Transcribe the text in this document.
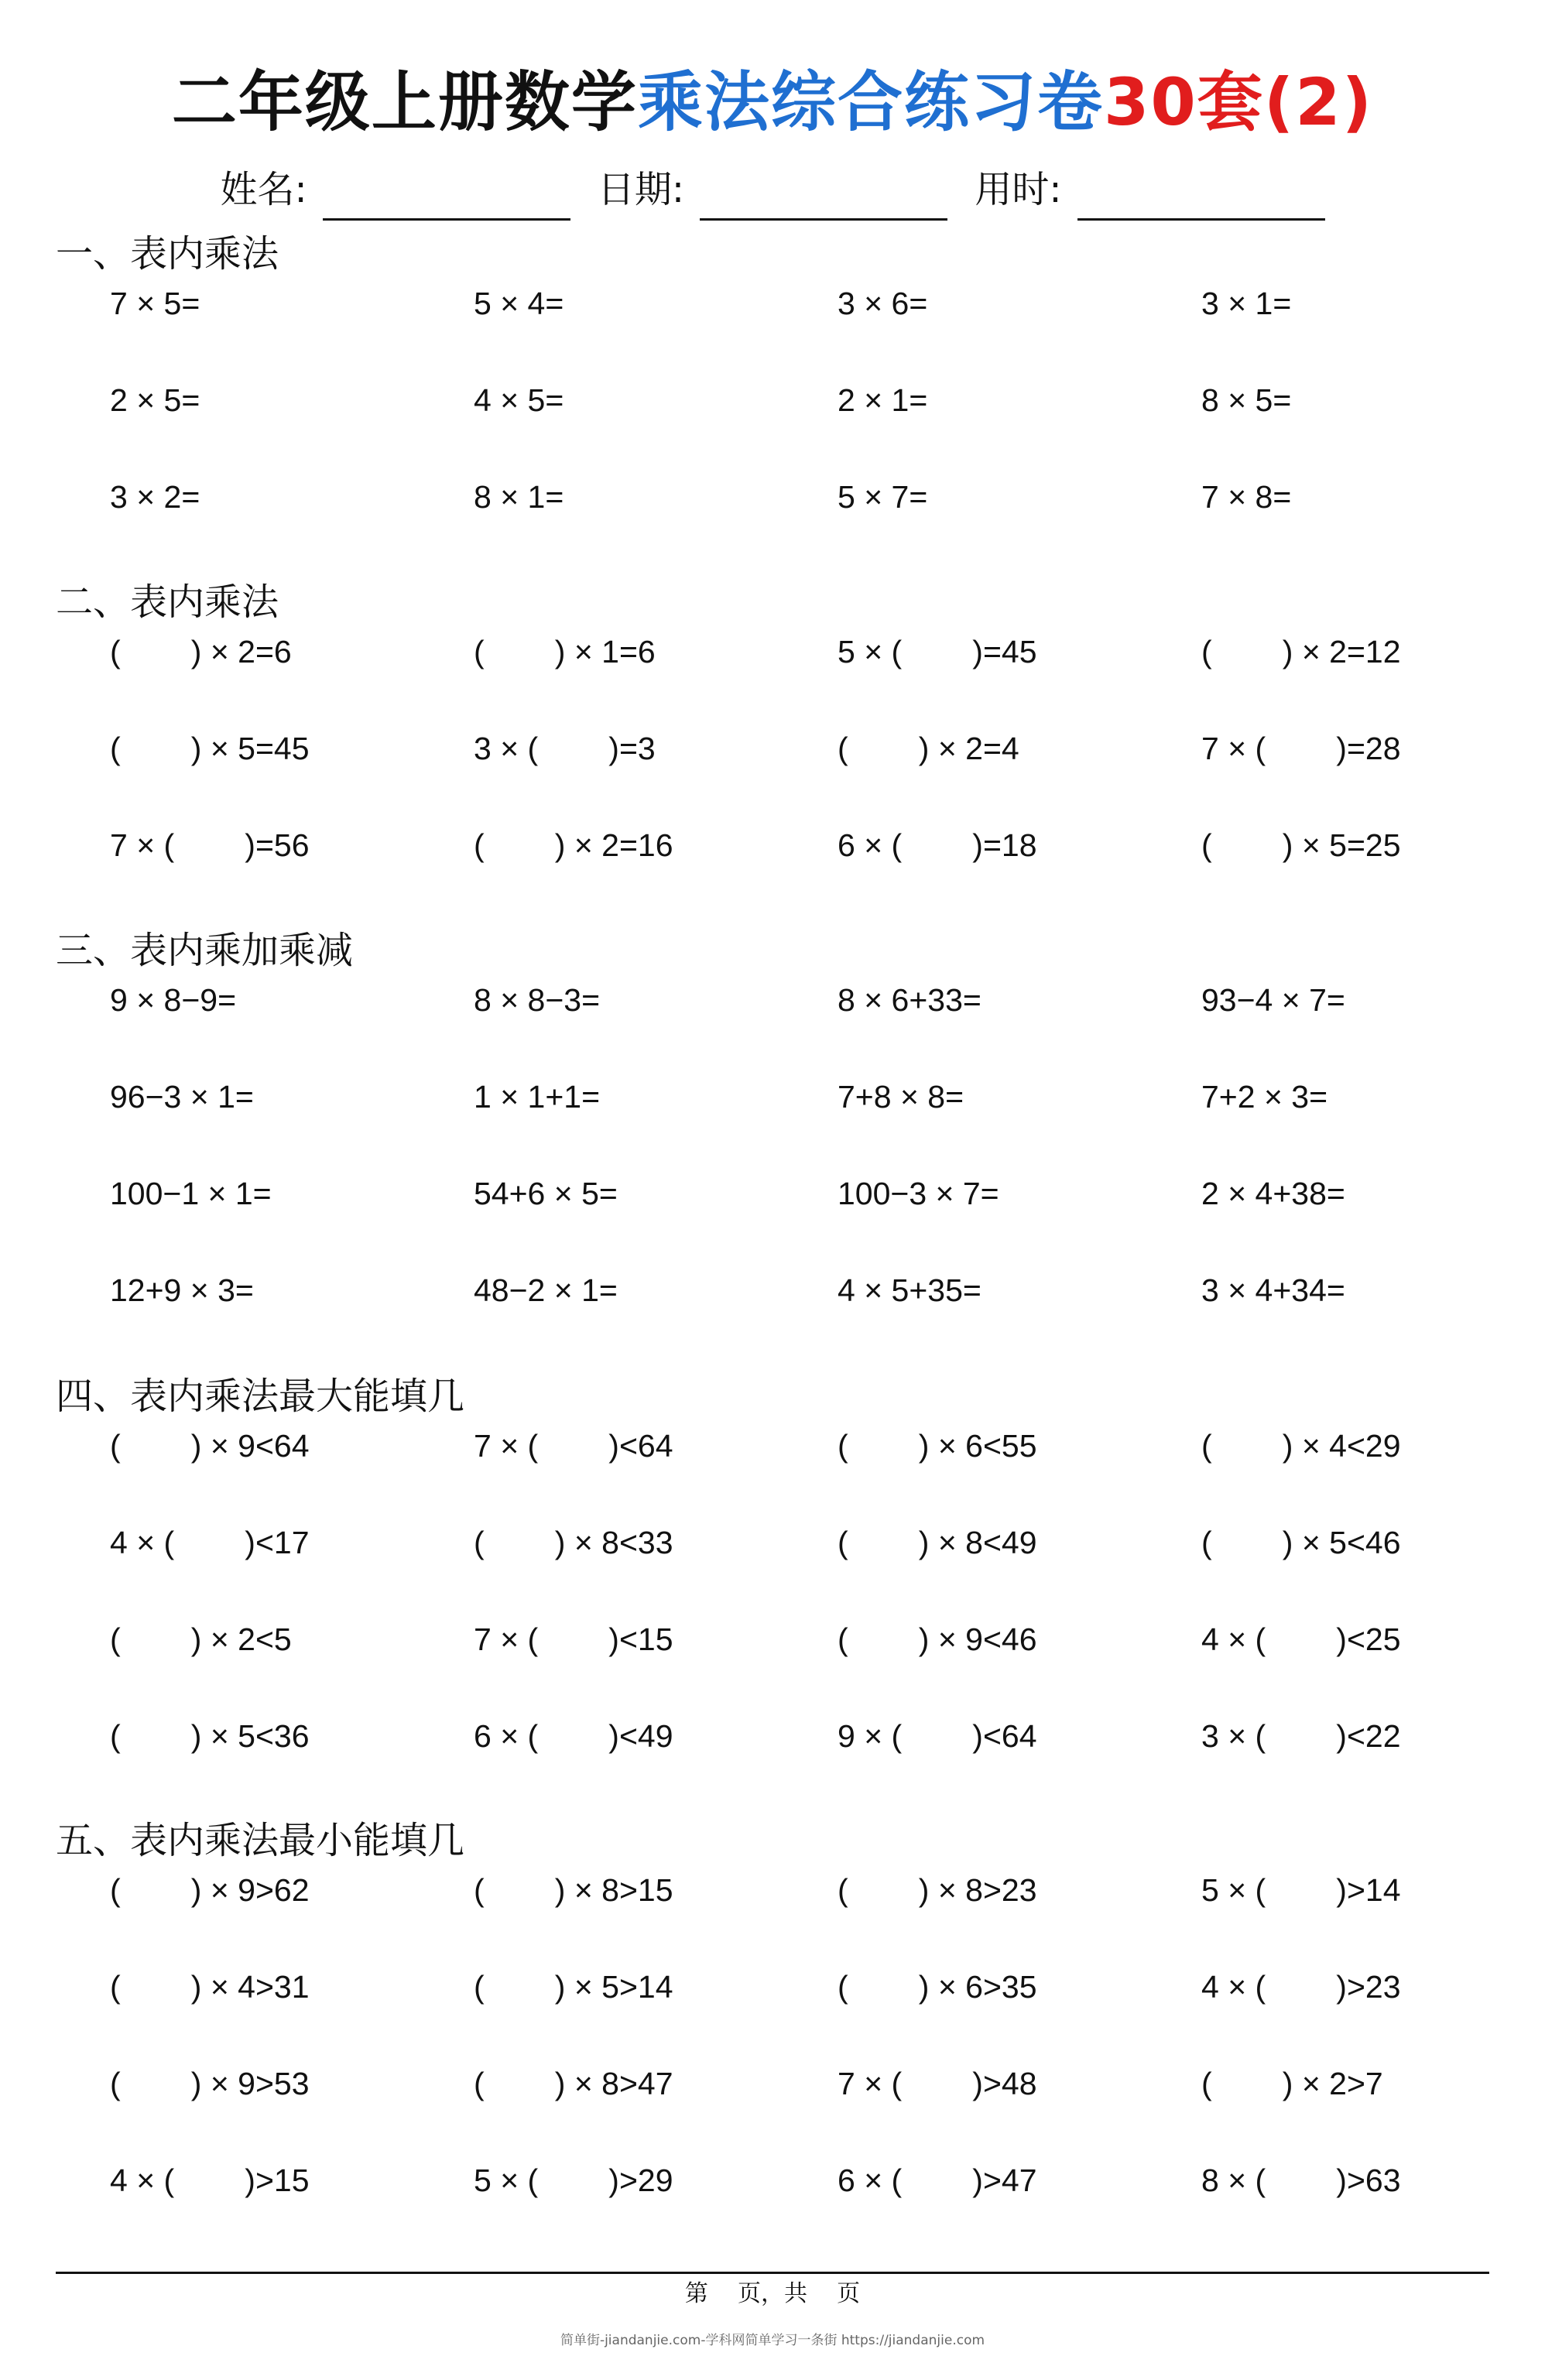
二年级上册数学乘法综合练习卷30套(2)
姓名:	日期:	用时:
一、表内乘法
7 × 5=	5 × 4=	3 × 6=	3 × 1=
2 × 5=	4 × 5=	2 × 1=	8 × 5=
3 × 2=	8 × 1=	5 × 7=	7 × 8=
二、表内乘法
(        ) × 2=6	(        ) × 1=6	5 × (        )=45	(        ) × 2=12
(        ) × 5=45	3 × (        )=3	(        ) × 2=4	7 × (        )=28
7 × (        )=56	(        ) × 2=16	6 × (        )=18	(        ) × 5=25
三、表内乘加乘减
9 × 8−9=	8 × 8−3=	8 × 6+33=	93−4 × 7=
96−3 × 1=	1 × 1+1=	7+8 × 8=	7+2 × 3=
100−1 × 1=	54+6 × 5=	100−3 × 7=	2 × 4+38=
12+9 × 3=	48−2 × 1=	4 × 5+35=	3 × 4+34=
四、表内乘法最大能填几
(        ) × 9<64	7 × (        )<64	(        ) × 6<55	(        ) × 4<29
4 × (        )<17	(        ) × 8<33	(        ) × 8<49	(        ) × 5<46
(        ) × 2<5	7 × (        )<15	(        ) × 9<46	4 × (        )<25
(        ) × 5<36	6 × (        )<49	9 × (        )<64	3 × (        )<22
五、表内乘法最小能填几
(        ) × 9>62	(        ) × 8>15	(        ) × 8>23	5 × (        )>14
(        ) × 4>31	(        ) × 5>14	(        ) × 6>35	4 × (        )>23
(        ) × 9>53	(        ) × 8>47	7 × (        )>48	(        ) × 2>7
4 × (        )>15	5 × (        )>29	6 × (        )>47	8 × (        )>63
第    页，共    页
简单街-jiandanjie.com-学科网简单学习一条街 https://jiandanjie.com
